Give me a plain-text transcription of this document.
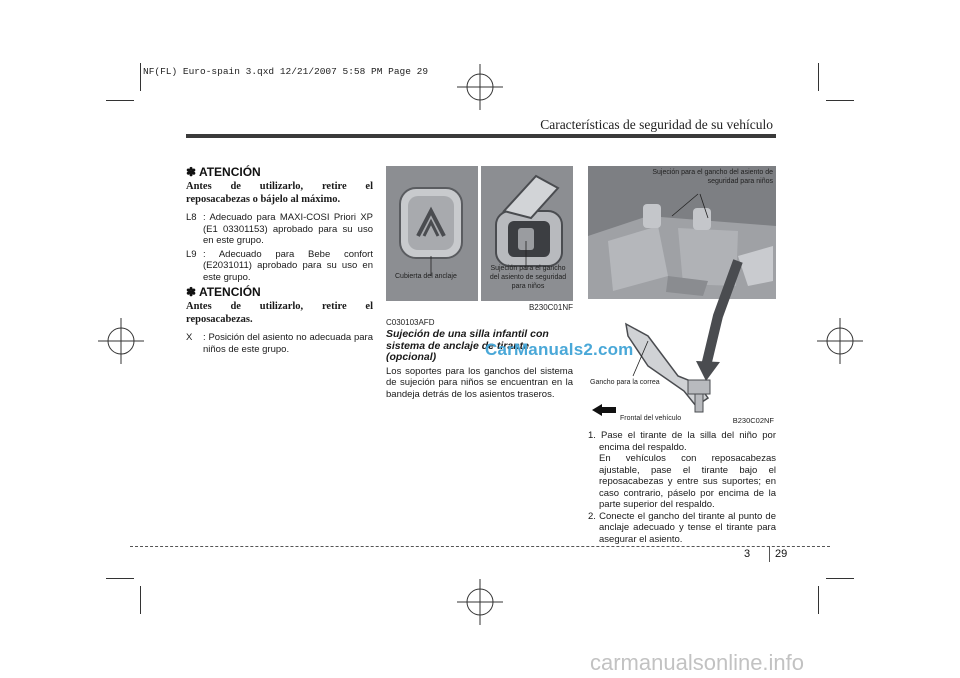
NF(FL) Euro-spain 3.qxd 12/21/2007 5:58 PM Page 29
Características de seguridad de su vehículo
✽ ATENCIÓN

Antes de utilizarlo, retire el reposacabezas o bájelo al máximo.

L8 : Adecuado para MAXI-COSI Priori XP (E1 03301153) aprobado para su uso en este grupo.

L9 : Adecuado para Bebe confort (E2031011) aprobado para su uso en este grupo.

✽ ATENCIÓN

Antes de utilizarlo, retire el reposacabezas.

X : Posición del asiento no adecuada para niños de este grupo.

Cubierta del anclaje
Sujeción para el gancho del asiento de seguridad para niños
B230C01NF
C030103AFD

Sujeción de una silla infantil con sistema de anclaje de tirante (opcional)

Los soportes para los ganchos del sistema de sujeción para niños se encuentran en la bandeja detrás de los asientos traseros.

Sujeción para el gancho del asiento de seguridad para niños
Gancho para la correa
Frontal del vehículo	B230C02NF

1. Pase el tirante de la silla del niño por encima del respaldo.

En vehículos con reposacabezas ajustable, pase el tirante bajo el reposacabezas y entre sus suportes; en caso contrario, páselo por encima de la parte superior del respaldo.

2. Conecte el gancho del tirante al punto de anclaje adecuado y tense el tirante para asegurar el asiento.

CarManuals2.com
3	29
carmanualsonline.info
